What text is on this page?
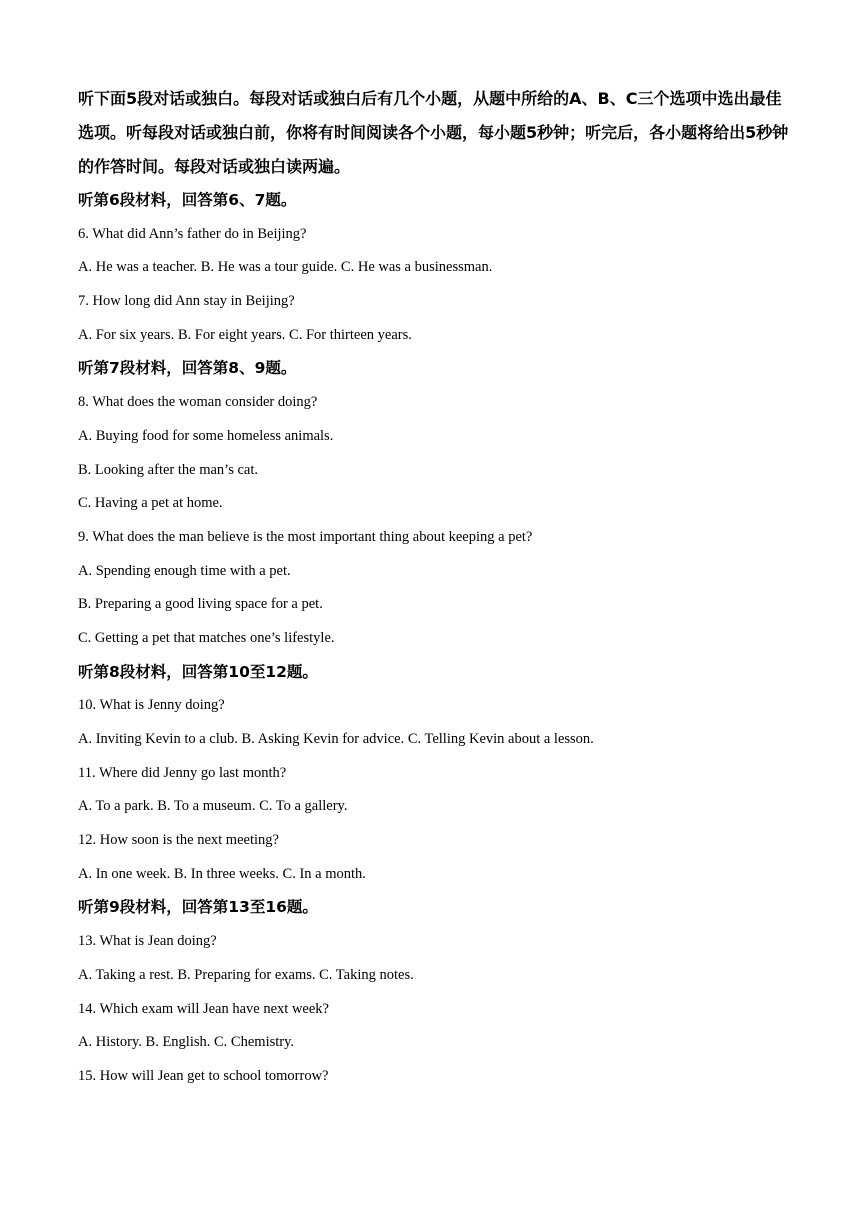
听下面5段对话或独白。每段对话或独白后有几个小题，从题中所给的A、B、C三个选项中选出最佳选项。听每段对话或独白前，你将有时间阅读各个小题，每小题5秒钟；听完后，各小题将给出5秒钟的作答时间。每段对话或独白读两遍。

听第6段材料，回答第6、7题。
6. What did Ann’s father do in Beijing?
A. He was a teacher. B. He was a tour guide. C. He was a businessman.
7. How long did Ann stay in Beijing?
A. For six years. B. For eight years. C. For thirteen years.
听第7段材料，回答第8、9题。
8. What does the woman consider doing?
A. Buying food for some homeless animals.
B. Looking after the man’s cat.
C. Having a pet at home.
9. What does the man believe is the most important thing about keeping a pet?
A. Spending enough time with a pet.
B. Preparing a good living space for a pet.
C. Getting a pet that matches one’s lifestyle.
听第8段材料，回答第10至12题。
10. What is Jenny doing?
A. Inviting Kevin to a club. B. Asking Kevin for advice. C. Telling Kevin about a lesson.
11. Where did Jenny go last month?
A. To a park. B. To a museum. C. To a gallery.
12. How soon is the next meeting?
A. In one week. B. In three weeks. C. In a month.
听第9段材料，回答第13至16题。
13. What is Jean doing?
A. Taking a rest. B. Preparing for exams. C. Taking notes.
14. Which exam will Jean have next week?
A. History. B. English. C. Chemistry.
15. How will Jean get to school tomorrow?
